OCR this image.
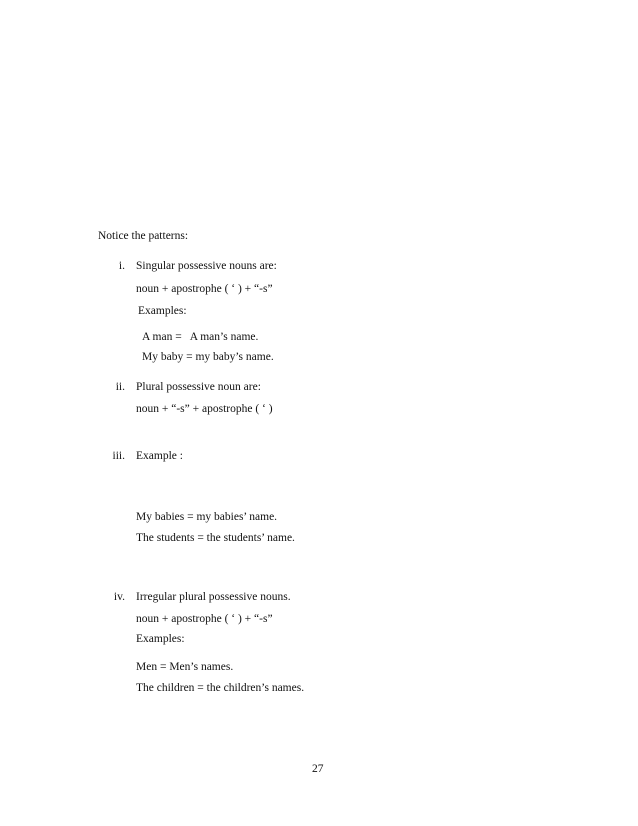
Notice the patterns:
i. Singular possessive nouns are:
noun + apostrophe ( ‘ ) + “-s”
Examples:
A man =   A man’s name.
My baby = my baby’s name.
ii. Plural possessive noun are:
noun + “-s” + apostrophe ( ‘ )
iii. Example :
My babies = my babies’ name.
The students = the students’ name.
iv. Irregular plural possessive nouns.
noun + apostrophe ( ‘ ) + “-s”
Examples:
Men = Men’s names.
The children = the children’s names.
27
